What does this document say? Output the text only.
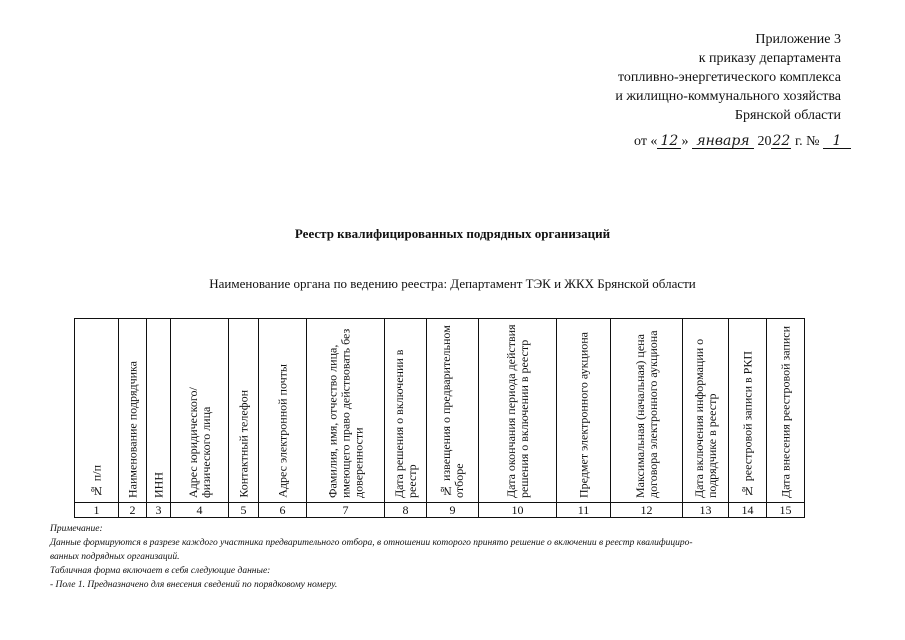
Приложение 3
к приказу департамента
топливно-энергетического комплекса
и жилищно-коммунального хозяйства
Брянской области
от « 12 » января 2022 г. № 1
Реестр квалифицированных подрядных организаций
Наименование органа по ведению реестра: Департамент ТЭК и ЖКХ Брянской области
№ п/п	Наименование подрядчика	ИНН	Адрес юридического/ физического лица	Контактный телефон	Адрес электронной почты	Фамилия, имя, отчество лица, имеющего право действовать без доверенности	Дата решения о включении в реестр	№ извещения о предварительном отборе	Дата окончания периода действия решения о включении в реестр	Предмет электронного аукциона	Максимальная (начальная) цена договора электронного аукциона	Дата включения информации о подрядчике в реестр	№ реестровой записи в РКП	Дата внесения реестровой записи

1	2	3	4	5	6	7	8	9	10	11	12	13	14	15
Примечание:
Данные формируются в разрезе каждого участника предварительного отбора, в отношении которого принято решение о включении в реестр квалифициро-
ванных подрядных организаций.
Табличная форма включает в себя следующие данные:
- Поле 1. Предназначено для внесения сведений по порядковому номеру.
